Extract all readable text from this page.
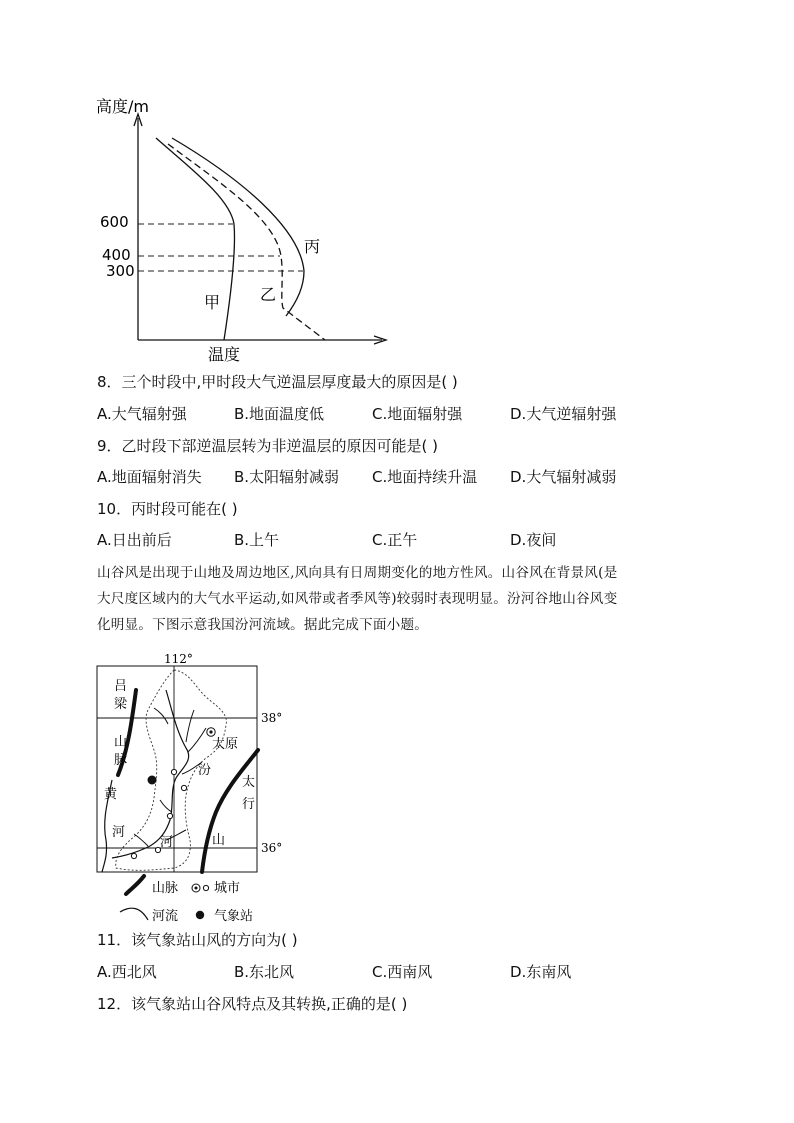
高度/m
温度
600
400
300
甲 乙
丙
8．三个时段中,甲时段大气逆温层厚度最大的原因是( )
A.大气辐射强	B.地面温度低	C.地面辐射强	D.大气逆辐射强
9．乙时段下部逆温层转为非逆温层的原因可能是( )
A.地面辐射消失 B.太阳辐射减弱 C.地面持续升温 D.大气辐射减弱
10．丙时段可能在( )
A.日出前后	B.上午	C.正午	D.夜间
山谷风是出现于山地及周边地区,风向具有日周期变化的地方性风。山谷风在背景风(是
大尺度区域内的大气水平运动,如风带或者季风等)较弱时表现明显。汾河谷地山谷风变
化明显。下图示意我国汾河流域。据此完成下面小题。
112°
38°
36°
吕
梁
山
脉
太原
汾
河
黄
河
太
行
山
山脉	城市
河流	气象站
11．该气象站山风的方向为( )
A.西北风	B.东北风	C.西南风	D.东南风
12．该气象站山谷风特点及其转换,正确的是( )
